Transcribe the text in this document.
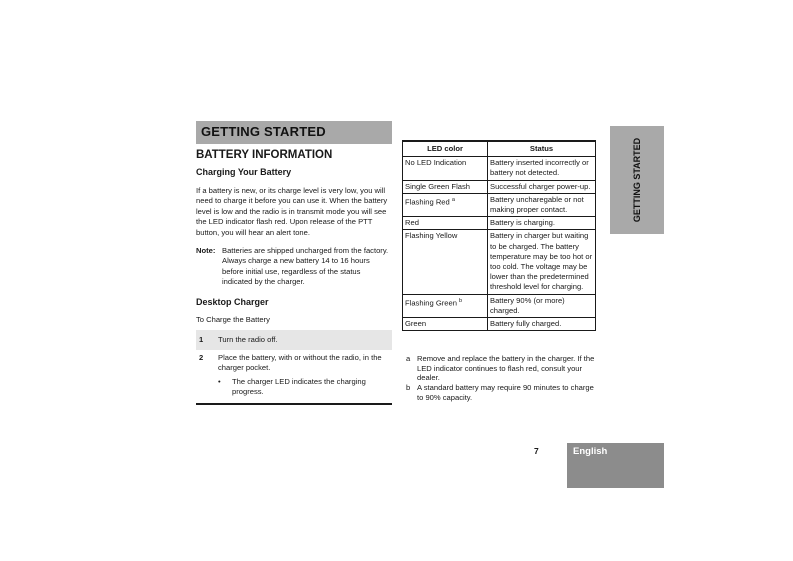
GETTING STARTED
BATTERY INFORMATION
Charging Your Battery
If a battery is new, or its charge level is very low, you will need to charge it before you can use it. When the battery level is low and the radio is in transmit mode you will see the LED indicator flash red. Upon release of the PTT button, you will hear an alert tone.
Note: Batteries are shipped uncharged from the factory. Always charge a new battery 14 to 16 hours before initial use, regardless of the status indicated by the charger.
Desktop Charger
To Charge the Battery
1 Turn the radio off.
2 Place the battery, with or without the radio, in the charger pocket.
• The charger LED indicates the charging progress.
LED color	Status
No LED Indication	Battery inserted incorrectly or battery not detected.
Single Green Flash	Successful charger power-up.
Flashing Red $^a$	Battery uncharegable or not making proper contact.
Red	Battery is charging.
Flashing Yellow	Battery in charger but waiting to be charged. The battery temperature may be too hot or too cold. The voltage may be lower than the predetermined threshold level for charging.
Flashing Green $^b$	Battery 90% (or more) charged.
Green	Battery fully charged.
a Remove and replace the battery in the charger. If the LED indicator continues to flash red, consult your dealer.
b A standard battery may require 90 minutes to charge to 90% capacity.
GETTING STARTED
7	English
